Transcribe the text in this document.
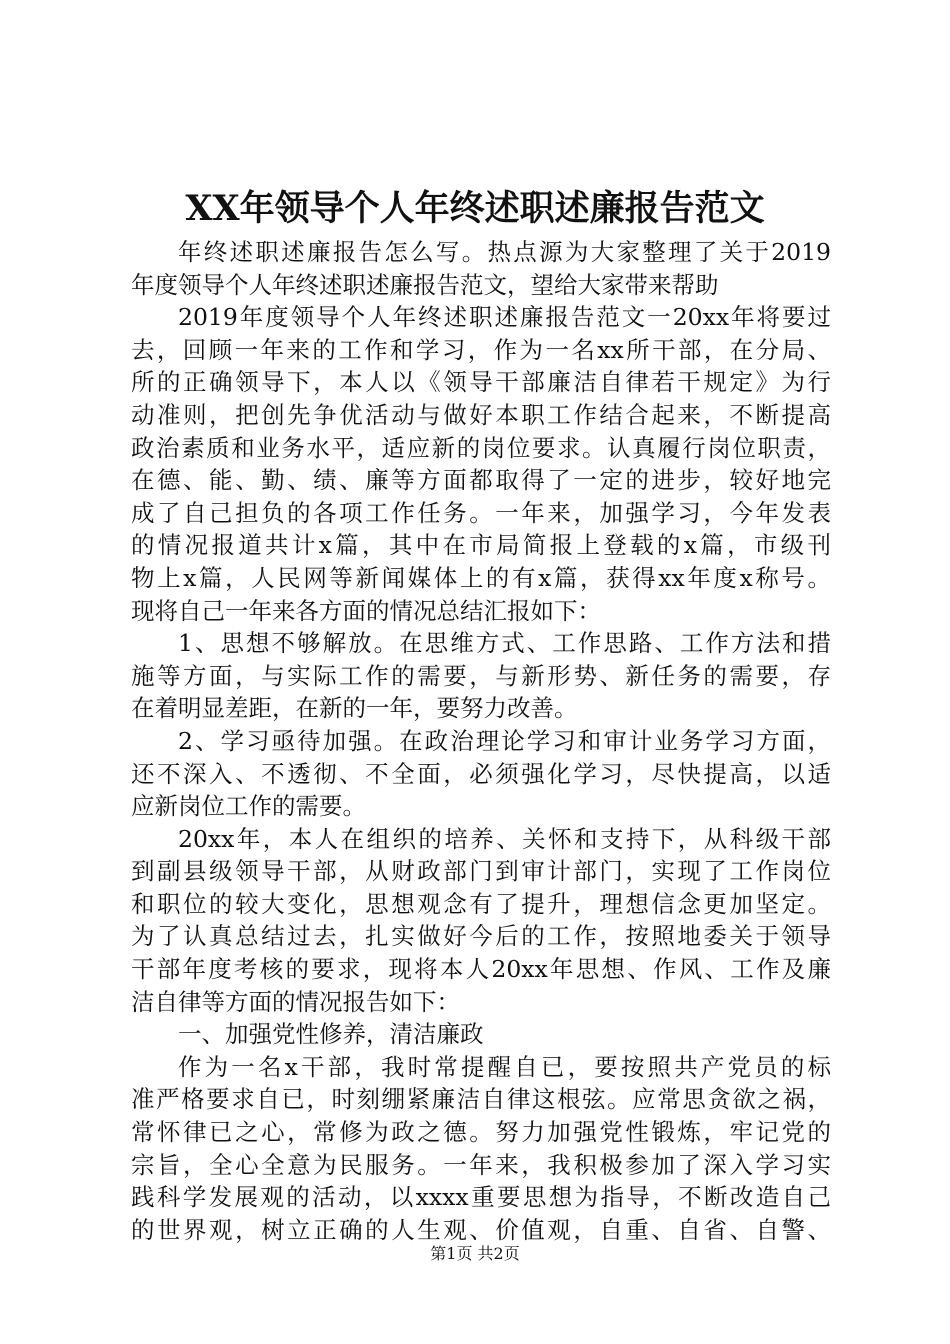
XX年领导个人年终述职述廉报告范文
年终述职述廉报告怎么写。热点源为大家整理了关于2019
年度领导个人年终述职述廉报告范文，望给大家带来帮助
2019年度领导个人年终述职述廉报告范文一20xx年将要过
去，回顾一年来的工作和学习，作为一名xx所干部，在分局、
所的正确领导下，本人以《领导干部廉洁自律若干规定》为行
动准则，把创先争优活动与做好本职工作结合起来，不断提高
政治素质和业务水平，适应新的岗位要求。认真履行岗位职责，
在德、能、勤、绩、廉等方面都取得了一定的进步，较好地完
成了自己担负的各项工作任务。一年来，加强学习，今年发表
的情况报道共计x篇，其中在市局简报上登载的x篇，市级刊
物上x篇，人民网等新闻媒体上的有x篇，获得xx年度x称号。
现将自己一年来各方面的情况总结汇报如下：
1、思想不够解放。在思维方式、工作思路、工作方法和措
施等方面，与实际工作的需要，与新形势、新任务的需要，存
在着明显差距，在新的一年，要努力改善。
2、学习亟待加强。在政治理论学习和审计业务学习方面，
还不深入、不透彻、不全面，必须强化学习，尽快提高，以适
应新岗位工作的需要。
20xx年，本人在组织的培养、关怀和支持下，从科级干部
到副县级领导干部，从财政部门到审计部门，实现了工作岗位
和职位的较大变化，思想观念有了提升，理想信念更加坚定。
为了认真总结过去，扎实做好今后的工作，按照地委关于领导
干部年度考核的要求，现将本人20xx年思想、作风、工作及廉
洁自律等方面的情况报告如下：
一、加强党性修养，清洁廉政
作为一名x干部，我时常提醒自已，要按照共产党员的标
准严格要求自已，时刻绷紧廉洁自律这根弦。应常思贪欲之祸，
常怀律已之心，常修为政之德。努力加强党性锻炼，牢记党的
宗旨，全心全意为民服务。一年来，我积极参加了深入学习实
践科学发展观的活动，以xxxx重要思想为指导，不断改造自己
的世界观，树立正确的人生观、价值观，自重、自省、自警、
第1页 共2页
